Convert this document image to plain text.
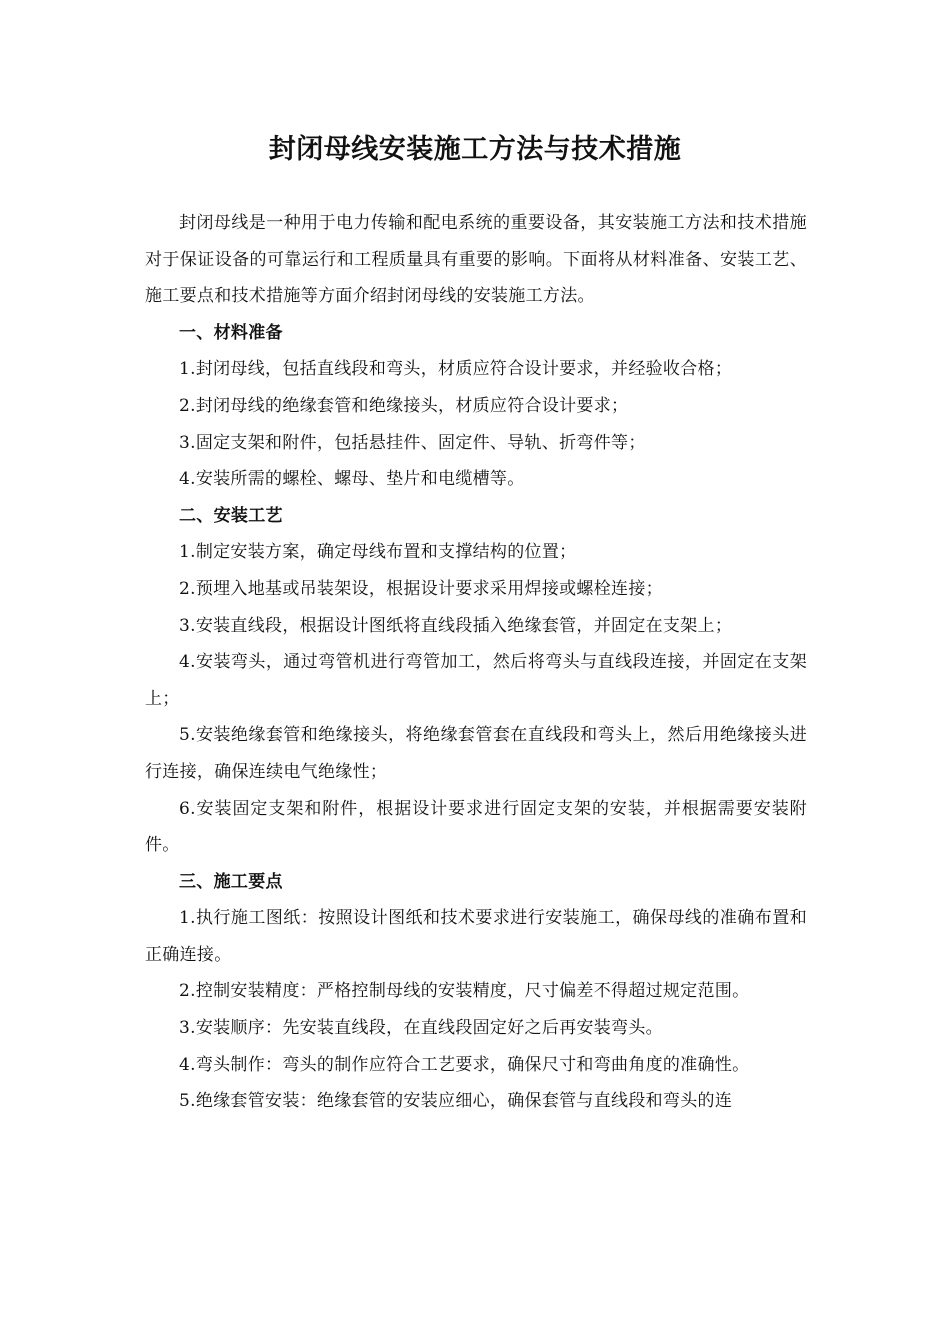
封闭母线安装施工方法与技术措施

封闭母线是一种用于电力传输和配电系统的重要设备，其安装施工方法和技术措施对于保证设备的可靠运行和工程质量具有重要的影响。下面将从材料准备、安装工艺、施工要点和技术措施等方面介绍封闭母线的安装施工方法。

一、材料准备

1.封闭母线，包括直线段和弯头，材质应符合设计要求，并经验收合格；

2.封闭母线的绝缘套管和绝缘接头，材质应符合设计要求；

3.固定支架和附件，包括悬挂件、固定件、导轨、折弯件等；

4.安装所需的螺栓、螺母、垫片和电缆槽等。

二、安装工艺

1.制定安装方案，确定母线布置和支撑结构的位置；

2.预埋入地基或吊装架设，根据设计要求采用焊接或螺栓连接；

3.安装直线段，根据设计图纸将直线段插入绝缘套管，并固定在支架上；

4.安装弯头，通过弯管机进行弯管加工，然后将弯头与直线段连接，并固定在支架上；

5.安装绝缘套管和绝缘接头，将绝缘套管套在直线段和弯头上，然后用绝缘接头进行连接，确保连续电气绝缘性；

6.安装固定支架和附件，根据设计要求进行固定支架的安装，并根据需要安装附件。

三、施工要点

1.执行施工图纸：按照设计图纸和技术要求进行安装施工，确保母线的准确布置和正确连接。

2.控制安装精度：严格控制母线的安装精度，尺寸偏差不得超过规定范围。

3.安装顺序：先安装直线段，在直线段固定好之后再安装弯头。

4.弯头制作：弯头的制作应符合工艺要求，确保尺寸和弯曲角度的准确性。

5.绝缘套管安装：绝缘套管的安装应细心，确保套管与直线段和弯头的连
